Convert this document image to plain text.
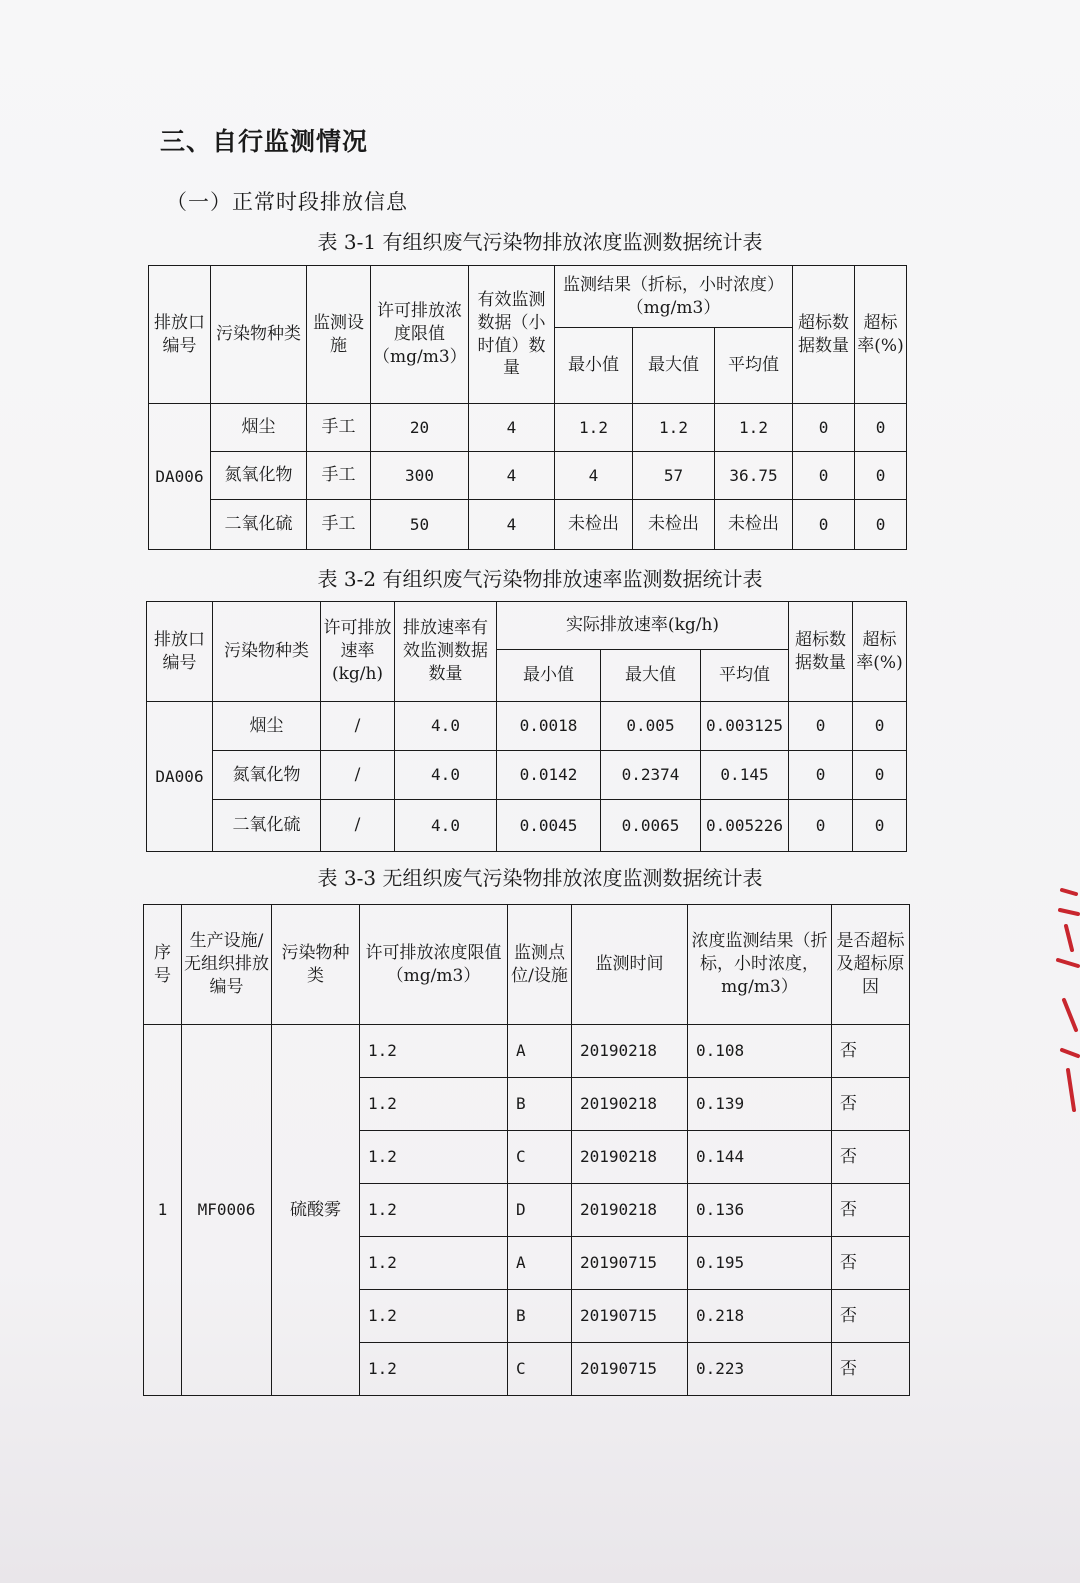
三、自行监测情况
（一）正常时段排放信息
表 3-1 有组织废气污染物排放浓度监测数据统计表
排放口编号	污染物种类	监测设施	许可排放浓度限值（mg/m3）	有效监测数据（小时值）数量	监测结果（折标，小时浓度）（mg/m3）			超标数据数量	超标率(%)
					最小值	最大值	平均值		
DA006	烟尘	手工	20	4	1.2	1.2	1.2	0	0
	氮氧化物	手工	300	4	4	57	36.75	0	0
	二氧化硫	手工	50	4	未检出	未检出	未检出	0	0
表 3-2 有组织废气污染物排放速率监测数据统计表
排放口编号	污染物种类	许可排放速率(kg/h)	排放速率有效监测数据数量	实际排放速率(kg/h)			超标数据数量	超标率(%)
				最小值	最大值	平均值		
DA006	烟尘	/	4.0	0.0018	0.005	0.003125	0	0
	氮氧化物	/	4.0	0.0142	0.2374	0.145	0	0
	二氧化硫	/	4.0	0.0045	0.0065	0.005226	0	0
表 3-3 无组织废气污染物排放浓度监测数据统计表
序号	生产设施/无组织排放编号	污染物种类	许可排放浓度限值（mg/m3）	监测点位/设施	监测时间	浓度监测结果（折标，小时浓度，mg/m3）	是否超标及超标原因
1	MF0006	硫酸雾	1.2	A	20190218	0.108	否
			1.2	B	20190218	0.139	否
			1.2	C	20190218	0.144	否
			1.2	D	20190218	0.136	否
			1.2	A	20190715	0.195	否
			1.2	B	20190715	0.218	否
			1.2	C	20190715	0.223	否
